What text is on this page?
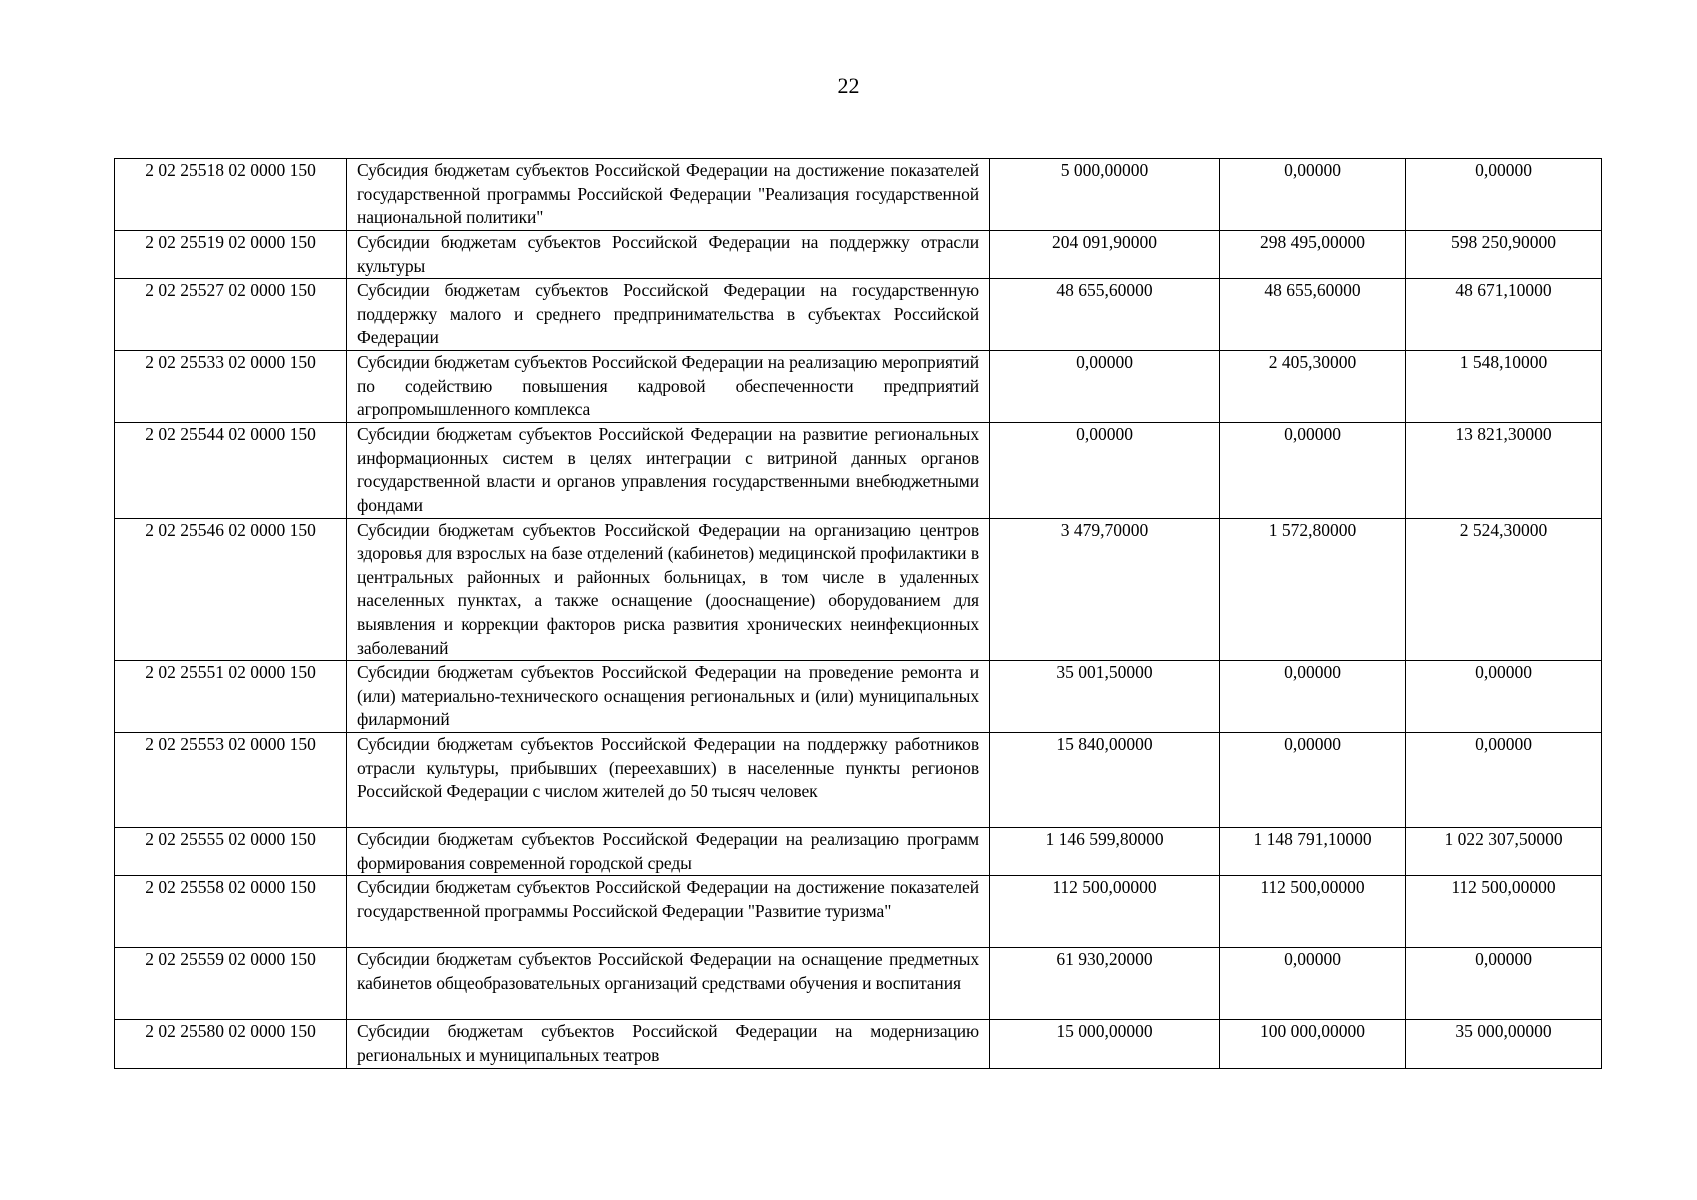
22
2 02 25518 02 0000 150	Субсидия бюджетам субъектов Российской Федерации на достижение показателей государственной программы Российской Федерации "Реализация государственной национальной политики"	5 000,00000	0,00000	0,00000
2 02 25519 02 0000 150	Субсидии бюджетам субъектов Российской Федерации на поддержку отрасли культуры	204 091,90000	298 495,00000	598 250,90000
2 02 25527 02 0000 150	Субсидии бюджетам субъектов Российской Федерации на государственную поддержку малого и среднего предпринимательства в субъектах Российской Федерации	48 655,60000	48 655,60000	48 671,10000
2 02 25533 02 0000 150	Субсидии бюджетам субъектов Российской Федерации на реализацию мероприятий по содействию повышения кадровой обеспеченности предприятий агропромышленного комплекса	0,00000	2 405,30000	1 548,10000
2 02 25544 02 0000 150	Субсидии бюджетам субъектов Российской Федерации на развитие региональных информационных систем в целях интеграции с витриной данных органов государственной власти и органов управления государственными внебюджетными фондами	0,00000	0,00000	13 821,30000
2 02 25546 02 0000 150	Субсидии бюджетам субъектов Российской Федерации на организацию центров здоровья для взрослых на базе отделений (кабинетов) медицинской профилактики в центральных районных и районных больницах, в том числе в удаленных населенных пунктах, а также оснащение (дооснащение) оборудованием для выявления и коррекции факторов риска развития хронических неинфекционных заболеваний	3 479,70000	1 572,80000	2 524,30000
2 02 25551 02 0000 150	Субсидии бюджетам субъектов Российской Федерации на проведение ремонта и (или) материально-технического оснащения региональных и (или) муниципальных филармоний	35 001,50000	0,00000	0,00000
2 02 25553 02 0000 150	Субсидии бюджетам субъектов Российской Федерации на поддержку работников отрасли культуры, прибывших (переехавших) в населенные пункты регионов Российской Федерации с числом жителей до 50 тысяч человек	15 840,00000	0,00000	0,00000
2 02 25555 02 0000 150	Субсидии бюджетам субъектов Российской Федерации на реализацию программ формирования современной городской среды	1 146 599,80000	1 148 791,10000	1 022 307,50000
2 02 25558 02 0000 150	Субсидии бюджетам субъектов Российской Федерации на достижение показателей государственной программы Российской Федерации "Развитие туризма"	112 500,00000	112 500,00000	112 500,00000
2 02 25559 02 0000 150	Субсидии бюджетам субъектов Российской Федерации на оснащение предметных кабинетов общеобразовательных организаций средствами обучения и воспитания	61 930,20000	0,00000	0,00000
2 02 25580 02 0000 150	Субсидии бюджетам субъектов Российской Федерации на модернизацию региональных и муниципальных театров	15 000,00000	100 000,00000	35 000,00000
